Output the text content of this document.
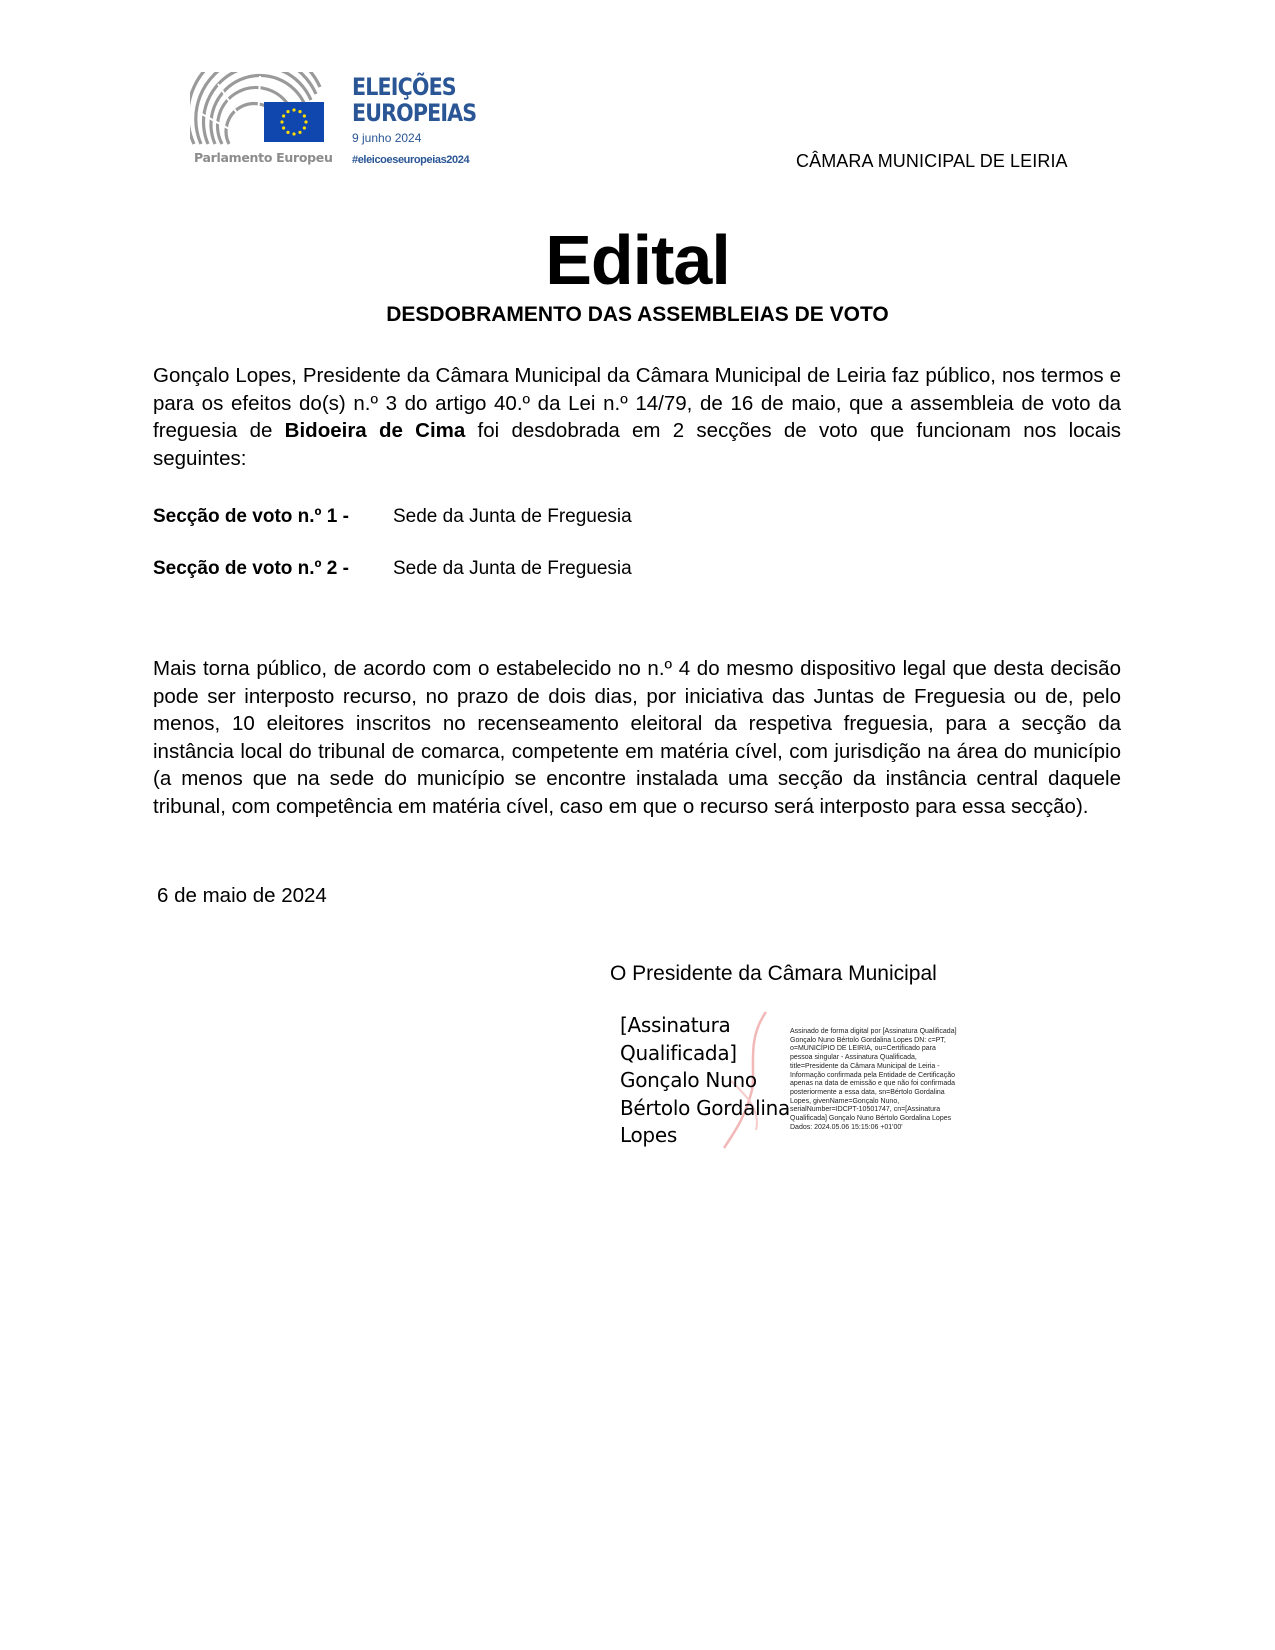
Parlamento Europeu
ELEIÇÕES
EUROPEIAS
9 junho 2024
#eleicoeseuropeias2024	CÂMARA MUNICIPAL DE LEIRIA
Edital
DESDOBRAMENTO DAS ASSEMBLEIAS DE VOTO
Gonçalo Lopes, Presidente da Câmara Municipal da Câmara Municipal de Leiria faz público, nos termos e para os efeitos do(s) n.º 3 do artigo 40.º da Lei n.º 14/79, de 16 de maio, que a assembleia de voto da freguesia de Bidoeira de Cima foi desdobrada em 2 secções de voto que funcionam nos locais seguintes:
Secção de voto n.º 1 - Sede da Junta de Freguesia
Secção de voto n.º 2 - Sede da Junta de Freguesia
Mais torna público, de acordo com o estabelecido no n.º 4 do mesmo dispositivo legal que desta decisão pode ser interposto recurso, no prazo de dois dias, por iniciativa das Juntas de Freguesia ou de, pelo menos, 10 eleitores inscritos no recenseamento eleitoral da respetiva freguesia, para a secção da instância local do tribunal de comarca, competente em matéria cível, com jurisdição na área do município (a menos que na sede do município se encontre instalada uma secção da instância central daquele tribunal, com competência em matéria cível, caso em que o recurso será interposto para essa secção).
6 de maio de 2024
O Presidente da Câmara Municipal
[Assinatura
Qualificada]
Gonçalo Nuno
Bértolo Gordalina
Lopes
Assinado de forma digital por [Assinatura Qualificada] Gonçalo Nuno Bértolo Gordalina Lopes DN: c=PT, o=MUNICÍPIO DE LEIRIA, ou=Certificado para pessoa singular - Assinatura Qualificada, title=Presidente da Câmara Municipal de Leiria - Informação confirmada pela Entidade de Certificação apenas na data de emissão e que não foi confirmada posteriormente a essa data, sn=Bértolo Gordalina Lopes, givenName=Gonçalo Nuno, serialNumber=IDCPT-10501747, cn=[Assinatura Qualificada] Gonçalo Nuno Bértolo Gordalina Lopes Dados: 2024.05.06 15:15:06 +01'00'
